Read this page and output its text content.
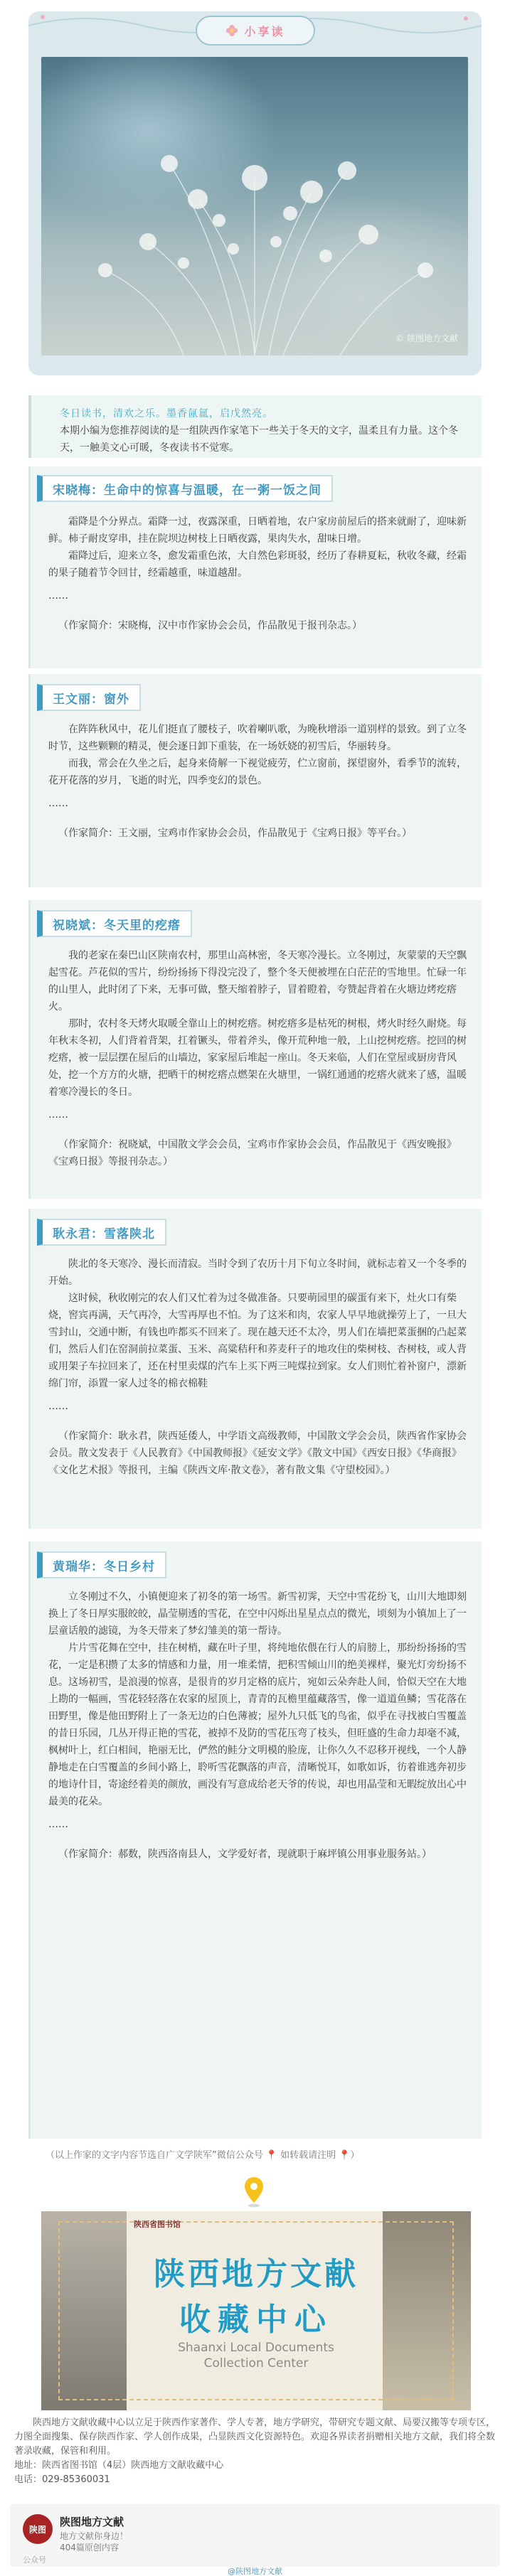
小享读
© 陕图地方文献
冬日读书，清欢之乐。墨香氤氲，启戊然亮。
本期小编为您推荐阅读的是一组陕西作家笔下一些关于冬天的文字，温柔且有力量。这个冬天，一触美文心可暖，冬夜读书不觉寒。
宋晓梅：生命中的惊喜与温暖，在一粥一饭之间

霜降是个分界点。霜降一过，夜露深重，日晒着地，农户家房前屋后的搭来就耐了，迎味新鲜。柿子耐皮穿串，挂在院坝边树枝上日晒夜露，果肉失水，甜味日增。

霜降过后，迎来立冬，愈发霜重色浓，大自然色彩斑驳，经历了春耕夏耘，秋收冬藏，经霜的果子随着节令回甘，经霜越重，味道越甜。

……
（作家简介：宋晓梅，汉中市作家协会会员，作品散见于报刊杂志。）
王文丽：窗外

在阵阵秋风中，花儿们挺直了腰枝子，吹着喇叭歌，为晚秋增添一道别样的景致。到了立冬时节，这些颗颗的精灵，便会逐日卸下重装，在一场妖娆的初雪后，华丽转身。

而我，常会在久坐之后，起身来倚解一下视觉疲劳，伫立窗前，探望窗外，看季节的流转，花开花落的岁月，飞逝的时光，四季变幻的景色。

……
（作家简介：王文丽，宝鸡市作家协会会员，作品散见于《宝鸡日报》等平台。）
祝晓斌：冬天里的疙瘩

我的老家在秦巴山区陕南农村，那里山高林密，冬天寒冷漫长。立冬刚过，灰蒙蒙的天空飘起雪花。芦花似的雪片，纷纷扬扬下得没完没了，整个冬天便被埋在白茫茫的雪地里。忙碌一年的山里人，此时闭了下来，无事可做，整天缩着脖子，冒着瞪着，夸赞起背着在火塘边烤疙瘩火。

那时，农村冬天烤火取暖全靠山上的树疙瘩。树疙瘩多是枯死的树根，烤火时经久耐烧。每年秋末冬初，人们背着背架，扛着镢头，带着斧头，像开荒种地一般，上山挖树疙瘩。挖回的树疙瘩，被一层层摆在屋后的山墙边，家家屋后堆起一座山。冬天来临，人们在堂屋或厨房背风处，挖一个方方的火塘，把晒干的树疙瘩点燃架在火塘里，一锅红通通的疙瘩火就来了感，温暖着寒冷漫长的冬日。

……
（作家简介：祝晓斌，中国散文学会会员，宝鸡市作家协会会员，作品散见于《西安晚报》《宝鸡日报》等报刊杂志。）
耿永君：雪落陕北

陕北的冬天寒冷、漫长而清寂。当时令到了农历十月下旬立冬时间，就标志着又一个冬季的开始。

这时候，秋收刚完的农人们又忙着为过冬做准备。只要萌园里的碳蛋有来下，灶火口有柴烧，窖宾再满，天气再冷，大雪再厚也不怕。为了这米和肉，农家人早早地就操劳上了，一旦大雪封山，交通中断，有钱也咋都买不回来了。现在越天还不太冷，男人们在墙把菜蛋捆的凸起菜们，然后人们在窑洞前拉菜蛋、玉米、高粱秸秆和荞麦秆子的地攻住的柴树枝、杏树枝，或人背或用架子车拉回来了，还在村里卖煤的汽车上买下两三吨煤拉到家。女人们则忙着补窗户，漂新绵门帘，添置一家人过冬的棉衣棉鞋

……
（作家简介：耿永君，陕西延倭人，中学语文高级教师，中国散文学会会员，陕西省作家协会会员。散文发表于《人民教育》《中国教师报》《延安文学》《散文中国》《西安日报》《华商报》《文化艺术报》等报刊，主编《陕西文库·散文卷》，著有散文集《守望校园》。）
黄瑞华：冬日乡村

立冬刚过不久，小镇便迎来了初冬的第一场雪。新雪初霁，天空中雪花纷飞，山川大地即刻换上了冬日厚实服皎皎，晶莹剔透的雪花，在空中闪烁出星星点点的微光，顷刻为小镇加上了一层童话般的滤镜，为冬天带来了梦幻雏美的第一帮诗。

片片雪花舞在空中，挂在树梢，藏在叶子里，将纯地依偎在行人的肩膀上，那纷纷扬扬的雪花，一定是积攒了太多的情感和力量，用一堆柔情，把积雪倾山川的绝美裸样，聚光灯旁纷扬不息。这场初雪，是浪漫的惊喜，是很肯的岁月定格的底片，宛如云朵奔赴人间，恰似天空在大地上勘的一幅画，雪花轻轻落在农家的屋顶上，青青的瓦檐里蕴藏落雪，像一道道鱼鳞；雪花落在田野里，像是他田野附上了一条无边的白色薄被；屋外九只低飞的鸟雀，似乎在寻找被白雪覆盖的昔日乐园，几丛开得正艳的雪花，被掉不及防的雪花压弯了枝头，但旺盛的生命力却毫不减，枫树叶上，红白相间，艳丽无比，俨然的鲑分文明模的脸庞，让你久久不忍移开视线，一个人静静地走在白雪覆盖的乡间小路上，聆听雪花飘落的声音，清晰悦耳，如歌如诉，彷着谁逃奔初步的地诗什目，寄途经着美的颜放，画没有写意成给老天爷的传说，却也用晶莹和无暇绽放出心中最美的花朵。

……
（作家简介：郝数，陕西洛南县人，文学爱好者，现就职于麻坪镇公用事业服务站。）
（以上作家的文字内容节选自广文学陕军”微信公众号 📍 如转载请注明 📍）
陕西省图书馆
陕西地方文献
收藏中心
Shaanxi Local Documents
Collection Center

陕西地方文献收藏中心以立足于陕西作家著作、学人专著，地方学研究，带研究专题文献、局要汉搬等专项专区，力图全面搜集、保存陕西作家、学人创作成果，凸显陕西文化资源特色。欢迎各界读者捐赠相关地方文献，我们将全数著录收藏，保管和利用。

地址：陕西省图书馆（4层）陕西地方文献收藏中心
电话：029-85360031
陕图
陕图地方文献
地方文献你身边！
404篇原创内容
公众号
@陕图地方文献
